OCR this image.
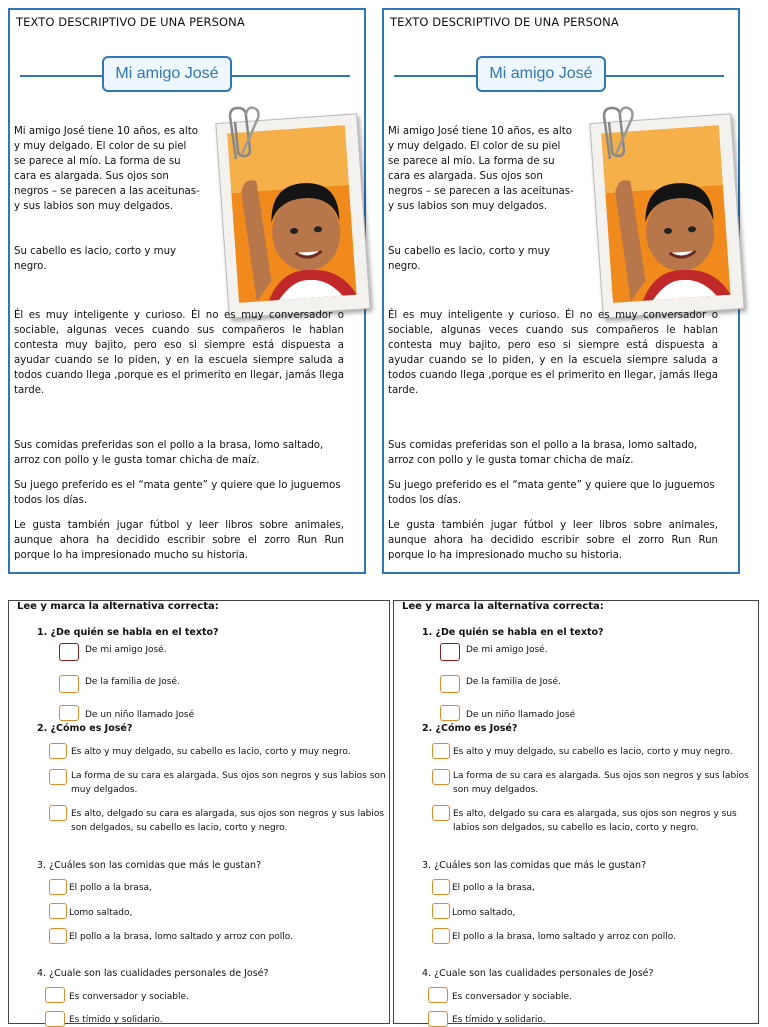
TEXTO DESCRIPTIVO DE UNA PERSONA
Mi amigo José
Mi amigo José tiene 10 años, es alto y muy delgado. El color de su piel se parece al mío. La forma de su cara es alargada. Sus ojos son negros – se parecen a las aceitunas- y sus labios son muy delgados.
Su cabello es lacio, corto y muy negro.
Él es muy inteligente y curioso. Él no es muy conversador o sociable, algunas veces cuando sus compañeros le hablan contesta muy bajito, pero eso si siempre está dispuesta a ayudar cuando se lo piden, y en la escuela siempre saluda a todos cuando llega ,porque es el primerito en llegar, jamás llega tarde.
Sus comidas preferidas son el pollo a la brasa, lomo saltado, arroz con pollo y le gusta tomar chicha de maíz.
Su juego preferido es el “mata gente” y quiere que lo juguemos todos los días.
Le gusta también jugar fútbol y leer libros sobre animales, aunque ahora ha decidido escribir sobre el zorro Run Run porque lo ha impresionado mucho su historia.
TEXTO DESCRIPTIVO DE UNA PERSONA
Mi amigo José
Mi amigo José tiene 10 años, es alto y muy delgado. El color de su piel se parece al mío. La forma de su cara es alargada. Sus ojos son negros – se parecen a las aceitunas- y sus labios son muy delgados.
Su cabello es lacio, corto y muy negro.
Él es muy inteligente y curioso. Él no es muy conversador o sociable, algunas veces cuando sus compañeros le hablan contesta muy bajito, pero eso si siempre está dispuesta a ayudar cuando se lo piden, y en la escuela siempre saluda a todos cuando llega ,porque es el primerito en llegar, jamás llega tarde.
Sus comidas preferidas son el pollo a la brasa, lomo saltado, arroz con pollo y le gusta tomar chicha de maíz.
Su juego preferido es el “mata gente” y quiere que lo juguemos todos los días.
Le gusta también jugar fútbol y leer libros sobre animales, aunque ahora ha decidido escribir sobre el zorro Run Run porque lo ha impresionado mucho su historia.
Lee y marca la alternativa correcta:
1. ¿De quién se habla en el texto?
De mi amigo José.
De la familia de José.
De un niño llamado José
2. ¿Cómo es José?
Es alto y muy delgado, su cabello es lacio, corto y muy negro.
La forma de su cara es alargada. Sus ojos son negros y sus labios son muy delgados.
Es alto, delgado su cara es alargada, sus ojos son negros y sus labios son delgados, su cabello es lacio, corto y negro.
3. ¿Cuáles son las comidas que más le gustan?
El pollo a la brasa,
Lomo saltado,
El pollo a la brasa, lomo saltado y arroz con pollo.
4. ¿Cuale son las cualidades personales de José?
Es conversador y sociable.
Es tímido y solidario.
Lee y marca la alternativa correcta:
1. ¿De quién se habla en el texto?
De mi amigo José.
De la familia de José.
De un niño llamado José
2. ¿Cómo es José?
Es alto y muy delgado, su cabello es lacio, corto y muy negro.
La forma de su cara es alargada. Sus ojos son negros y sus labios son muy delgados.
Es alto, delgado su cara es alargada, sus ojos son negros y sus labios son delgados, su cabello es lacio, corto y negro.
3. ¿Cuáles son las comidas que más le gustan?
El pollo a la brasa,
Lomo saltado,
El pollo a la brasa, lomo saltado y arroz con pollo.
4. ¿Cuale son las cualidades personales de José?
Es conversador y sociable.
Es tímido y solidario.
